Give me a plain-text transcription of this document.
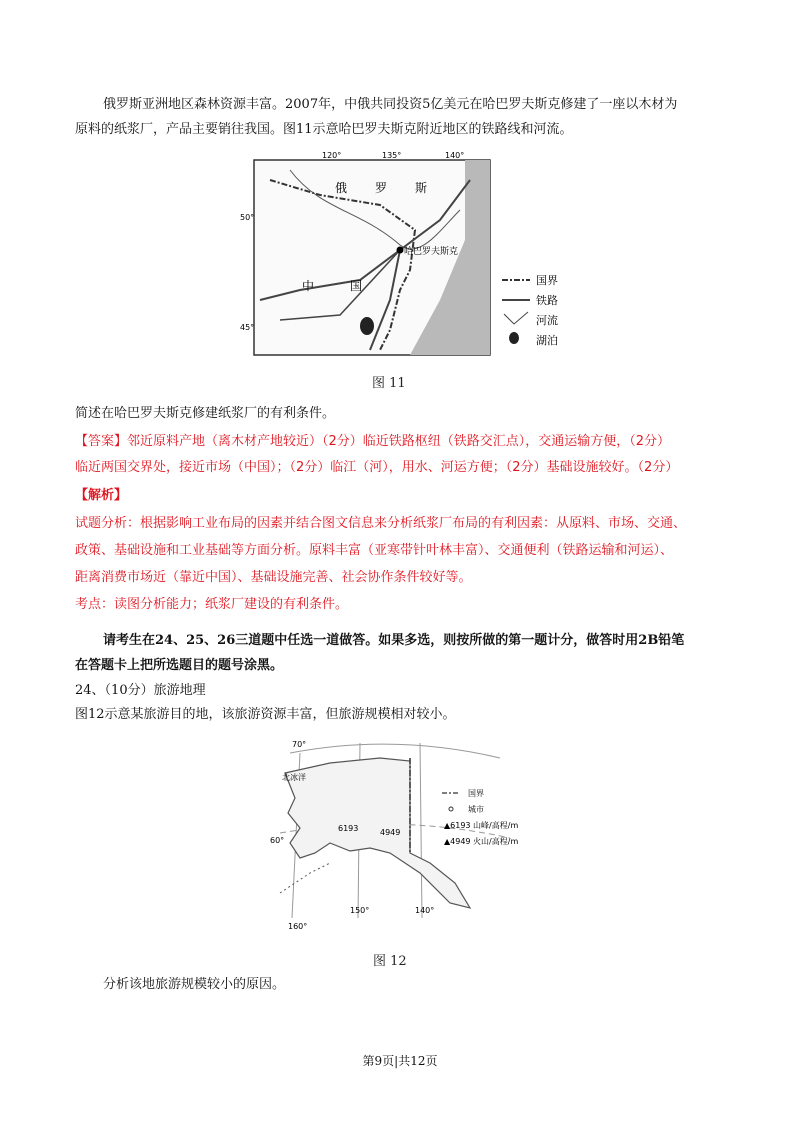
俄罗斯亚洲地区森林资源丰富。2007年，中俄共同投资5亿美元在哈巴罗夫斯克修建了一座以木材为
原料的纸浆厂，产品主要销往我国。图11示意哈巴罗夫斯克附近地区的铁路线和河流。
120°	135°	140°
50°
45°
俄 罗 斯
中	国
哈巴罗夫斯克
国界
铁路
河流
湖泊
图 11
简述在哈巴罗夫斯克修建纸浆厂的有利条件。
【答案】邻近原料产地（离木材产地较近）（2分）临近铁路枢纽（铁路交汇点），交通运输方便，（2分）
临近两国交界处，接近市场（中国）；（2分）临江（河），用水、河运方便；（2分）基础设施较好。（2分）
【解析】
试题分析：根据影响工业布局的因素并结合图文信息来分析纸浆厂布局的有利因素：从原料、市场、交通、
政策、基础设施和工业基础等方面分析。原料丰富（亚寒带针叶林丰富）、交通便利（铁路运输和河运）、
距离消费市场近（靠近中国）、基础设施完善、社会协作条件较好等。
考点：读图分析能力；纸浆厂建设的有利条件。
请考生在24、25、26三道题中任选一道做答。如果多选，则按所做的第一题计分，做答时用2B铅笔
在答题卡上把所选题目的题号涂黑。
24、（10分）旅游地理
图12示意某旅游目的地，该旅游资源丰富，但旅游规模相对较小。
70°
60°
北冰洋
6193	4949
160°
150°	140°
国界
城市
▲6193 山峰/高程/m
▲4949 火山/高程/m
图 12
分析该地旅游规模较小的原因。
第9页|共12页
